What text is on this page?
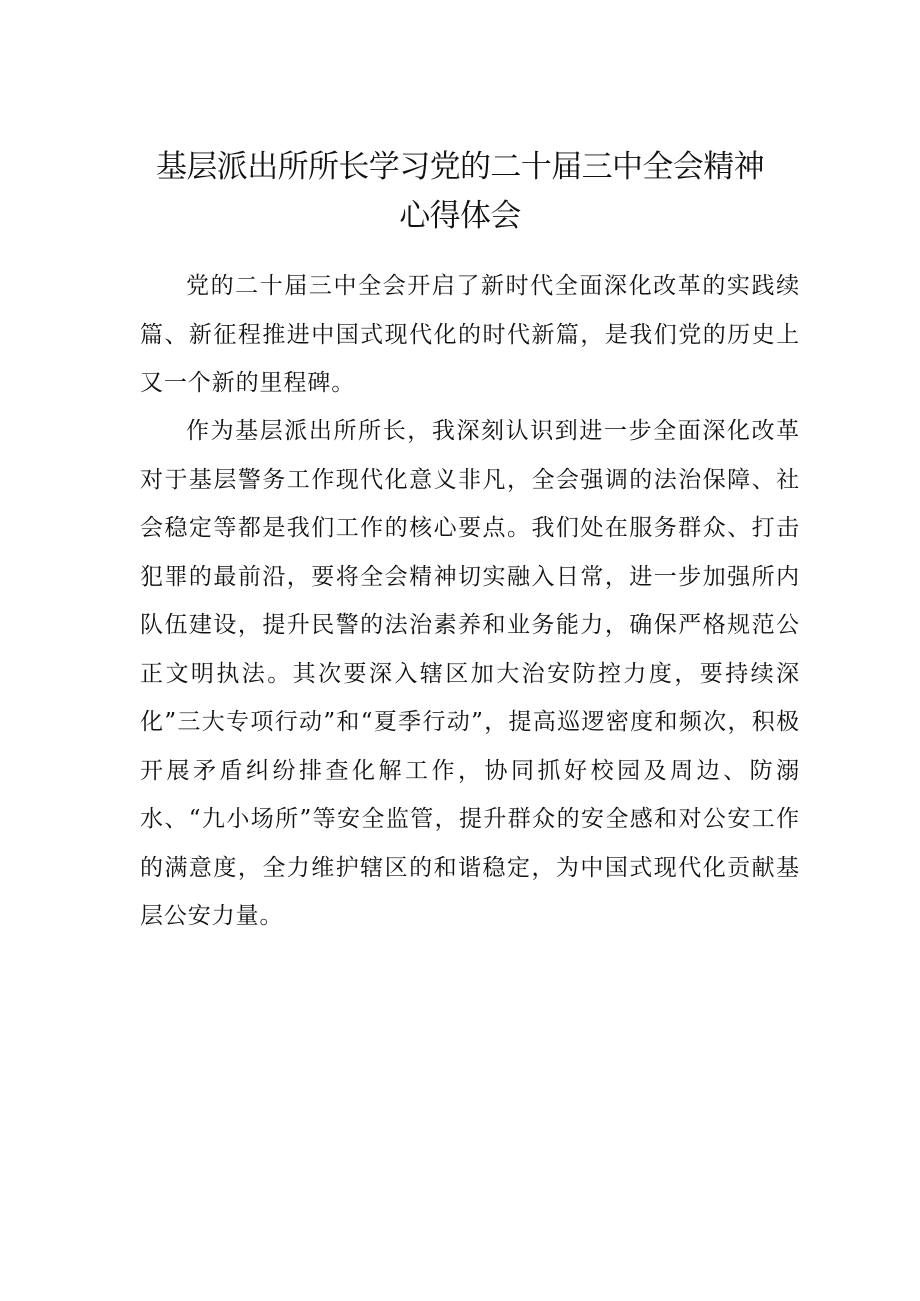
基层派出所所长学习党的二十届三中全会精神
心得体会

党的二十届三中全会开启了新时代全面深化改革的实践续篇、新征程推进中国式现代化的时代新篇，是我们党的历史上又一个新的里程碑。

作为基层派出所所长，我深刻认识到进一步全面深化改革对于基层警务工作现代化意义非凡，全会强调的法治保障、社会稳定等都是我们工作的核心要点。我们处在服务群众、打击犯罪的最前沿，要将全会精神切实融入日常，进一步加强所内队伍建设，提升民警的法治素养和业务能力，确保严格规范公正文明执法。其次要深入辖区加大治安防控力度，要持续深化”三大专项行动”和“夏季行动”，提高巡逻密度和频次，积极开展矛盾纠纷排查化解工作，协同抓好校园及周边、防溺水、“九小场所”等安全监管，提升群众的安全感和对公安工作的满意度，全力维护辖区的和谐稳定，为中国式现代化贡献基层公安力量。
